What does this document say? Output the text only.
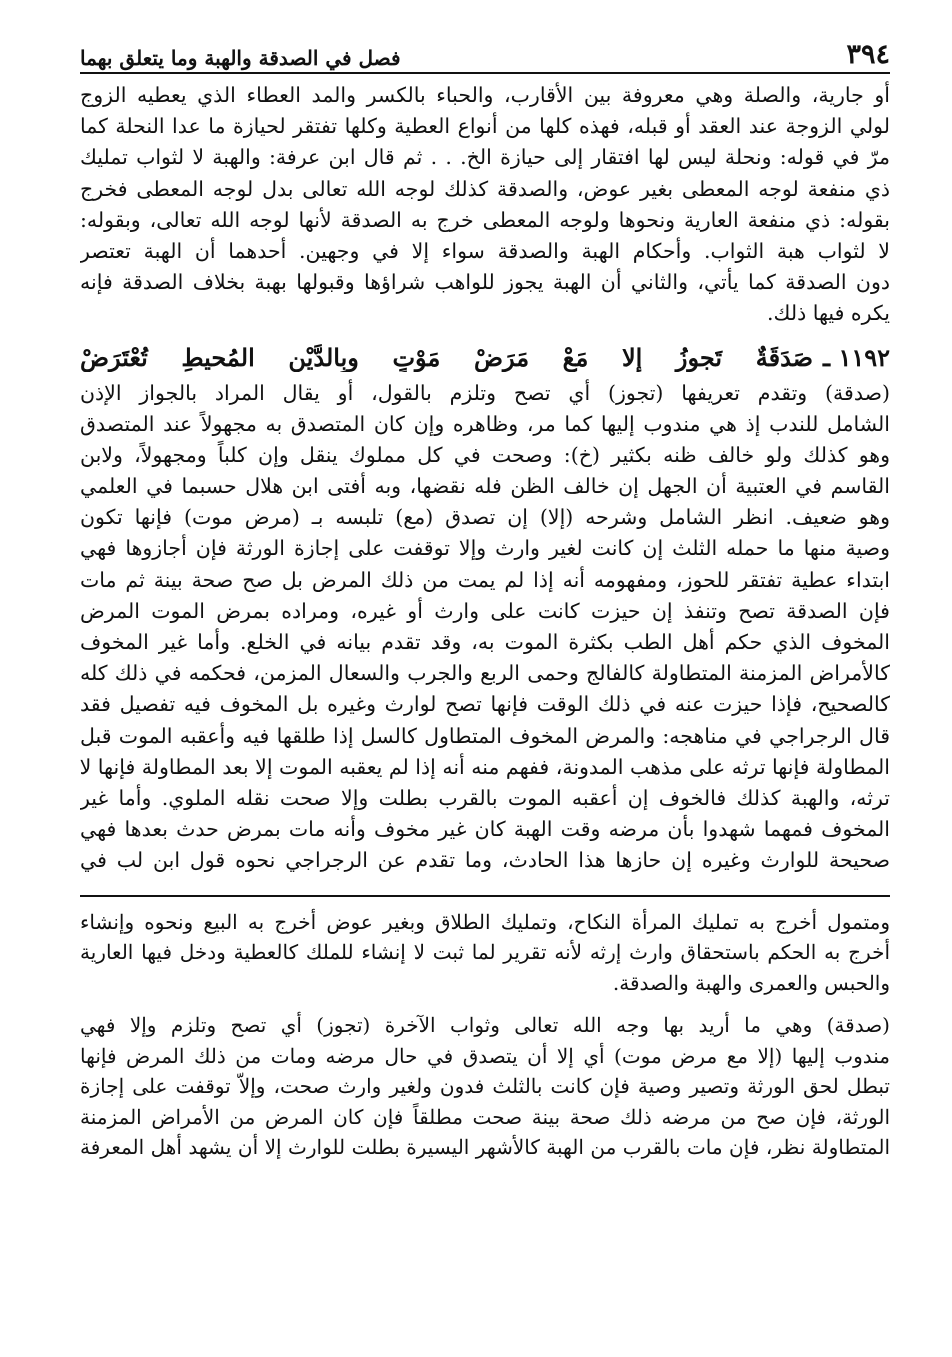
٣٩٤
فصل في الصدقة والهبة وما يتعلق بهما
أو جارية، والصلة وهي معروفة بين الأقارب، والحباء بالكسر والمد العطاء الذي يعطيه الزوج
لولي الزوجة عند العقد أو قبله، فهذه كلها من أنواع العطية وكلها تفتقر لحيازة ما عدا النحلة كما
مرّ في قوله: ونحلة ليس لها افتقار إلى حيازة الخ. . . ثم قال ابن عرفة: والهبة لا لثواب تمليك
ذي منفعة لوجه المعطى بغير عوض، والصدقة كذلك لوجه الله تعالى بدل لوجه المعطى فخرج
بقوله: ذي منفعة العارية ونحوها ولوجه المعطى خرج به الصدقة لأنها لوجه الله تعالى، وبقوله:
لا لثواب هبة الثواب. وأحكام الهبة والصدقة سواء إلا في وجهين. أحدهما أن الهبة تعتصر
دون الصدقة كما يأتي، والثاني أن الهبة يجوز للواهب شراؤها وقبولها بهبة بخلاف الصدقة فإنه
يكره فيها ذلك.
١١٩٢ ـ
صَدَقَةٌ تَجوزُ إلا مَعْ مَرَضْ مَوْتٍ وبِالدَّيْنِ المُحيطِ تُعْتَرَضْ
(صدقة) وتقدم تعريفها (تجوز) أي تصح وتلزم بالقول، أو يقال المراد بالجواز الإذن
الشامل للندب إذ هي مندوب إليها كما مر، وظاهره وإن كان المتصدق به مجهولاً عند المتصدق
وهو كذلك ولو خالف ظنه بكثير (خ): وصحت في كل مملوك ينقل وإن كلباً ومجهولاً، ولابن
القاسم في العتبية أن الجهل إن خالف الظن فله نقضها، وبه أفتى ابن هلال حسبما في العلمي
وهو ضعيف. انظر الشامل وشرحه (إلا) إن تصدق (مع) تلبسه بـ (مرض موت) فإنها تكون
وصية منها ما حمله الثلث إن كانت لغير وارث وإلا توقفت على إجازة الورثة فإن أجازوها فهي
ابتداء عطية تفتقر للحوز، ومفهومه أنه إذا لم يمت من ذلك المرض بل صح صحة بينة ثم مات
فإن الصدقة تصح وتنفذ إن حيزت كانت على وارث أو غيره، ومراده بمرض الموت المرض
المخوف الذي حكم أهل الطب بكثرة الموت به، وقد تقدم بيانه في الخلع. وأما غير المخوف
كالأمراض المزمنة المتطاولة كالفالج وحمى الربع والجرب والسعال المزمن، فحكمه في ذلك كله
كالصحيح، فإذا حيزت عنه في ذلك الوقت فإنها تصح لوارث وغيره بل المخوف فيه تفصيل فقد
قال الرجراجي في مناهجه: والمرض المخوف المتطاول كالسل إذا طلقها فيه وأعقبه الموت قبل
المطاولة فإنها ترثه على مذهب المدونة، ففهم منه أنه إذا لم يعقبه الموت إلا بعد المطاولة فإنها لا
ترثه، والهبة كذلك فالخوف إن أعقبه الموت بالقرب بطلت وإلا صحت نقله الملوي. وأما غير
المخوف فمهما شهدوا بأن مرضه وقت الهبة كان غير مخوف وأنه مات بمرض حدث بعدها فهي
صحيحة للوارث وغيره إن حازها هذا الحادث، وما تقدم عن الرجراجي نحوه قول ابن لب في
ومتمول أخرج به تمليك المرأة النكاح، وتمليك الطلاق وبغير عوض أخرج به البيع ونحوه وإنشاء
أخرج به الحكم باستحقاق وارث إرثه لأنه تقرير لما ثبت لا إنشاء للملك كالعطية ودخل فيها العارية
والحبس والعمرى والهبة والصدقة.
(صدقة) وهي ما أريد بها وجه الله تعالى وثواب الآخرة (تجوز) أي تصح وتلزم وإلا فهي
مندوب إليها (إلا مع مرض موت) أي إلا أن يتصدق في حال مرضه ومات من ذلك المرض فإنها
تبطل لحق الورثة وتصير وصية فإن كانت بالثلث فدون ولغير وارث صحت، وإلاّ توقفت على إجازة
الورثة، فإن صح من مرضه ذلك صحة بينة صحت مطلقاً فإن كان المرض من الأمراض المزمنة
المتطاولة نظر، فإن مات بالقرب من الهبة كالأشهر اليسيرة بطلت للوارث إلا أن يشهد أهل المعرفة
